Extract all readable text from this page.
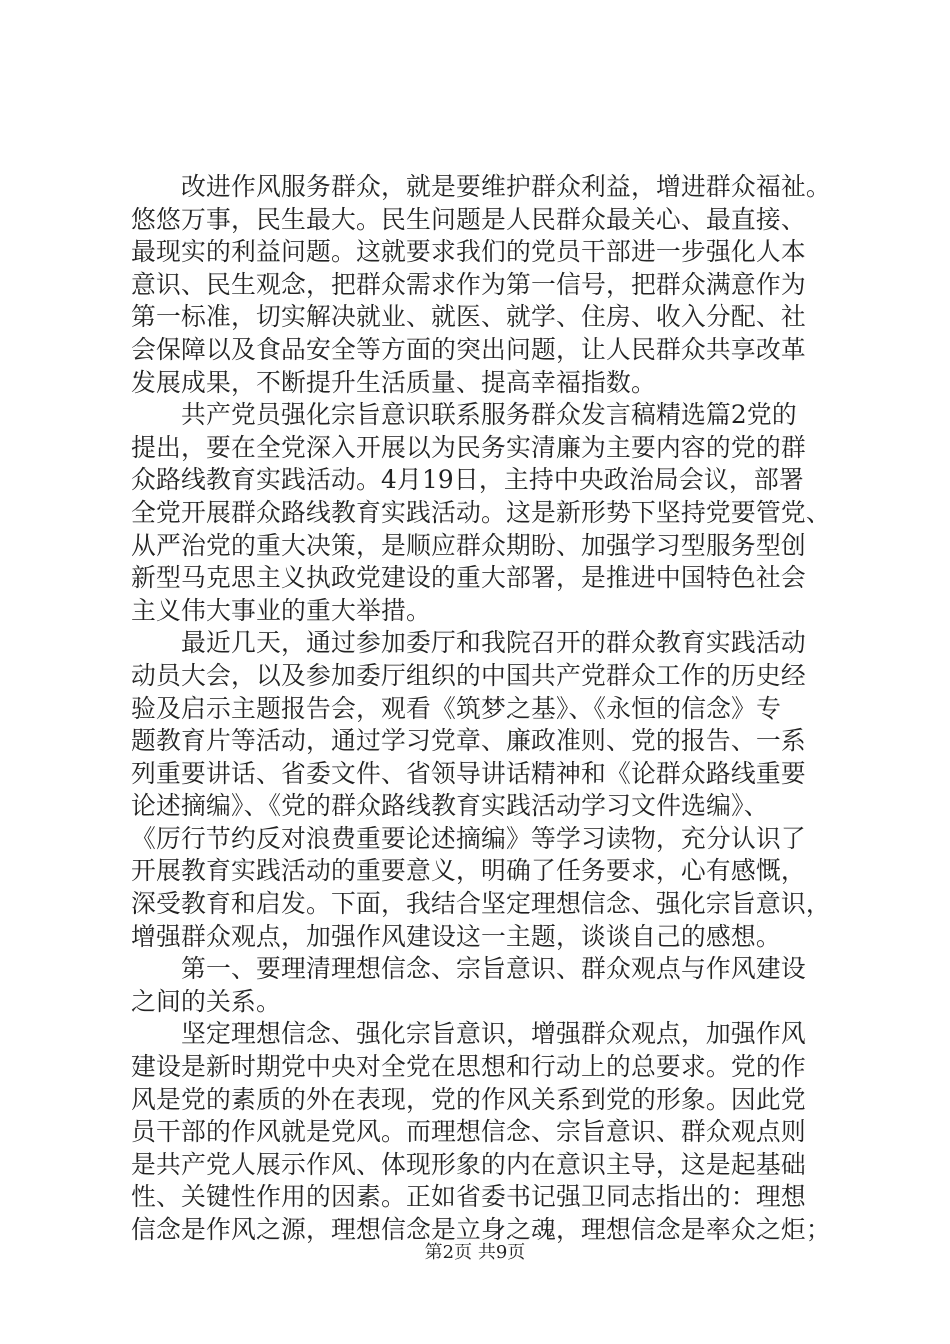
改进作风服务群众，就是要维护群众利益，增进群众福祉。
悠悠万事，民生最大。民生问题是人民群众最关心、最直接、
最现实的利益问题。这就要求我们的党员干部进一步强化人本
意识、民生观念，把群众需求作为第一信号，把群众满意作为
第一标准，切实解决就业、就医、就学、住房、收入分配、社
会保障以及食品安全等方面的突出问题，让人民群众共享改革
发展成果，不断提升生活质量、提高幸福指数。
共产党员强化宗旨意识联系服务群众发言稿精选篇2党的
提出，要在全党深入开展以为民务实清廉为主要内容的党的群
众路线教育实践活动。4月19日，主持中央政治局会议，部署
全党开展群众路线教育实践活动。这是新形势下坚持党要管党、
从严治党的重大决策，是顺应群众期盼、加强学习型服务型创
新型马克思主义执政党建设的重大部署，是推进中国特色社会
主义伟大事业的重大举措。
最近几天，通过参加委厅和我院召开的群众教育实践活动
动员大会，以及参加委厅组织的中国共产党群众工作的历史经
验及启示主题报告会，观看《筑梦之基》、《永恒的信念》专
题教育片等活动，通过学习党章、廉政准则、党的报告、一系
列重要讲话、省委文件、省领导讲话精神和《论群众路线重要
论述摘编》、《党的群众路线教育实践活动学习文件选编》、
《厉行节约反对浪费重要论述摘编》等学习读物，充分认识了
开展教育实践活动的重要意义，明确了任务要求，心有感慨，
深受教育和启发。下面，我结合坚定理想信念、强化宗旨意识，
增强群众观点，加强作风建设这一主题，谈谈自己的感想。
第一、要理清理想信念、宗旨意识、群众观点与作风建设
之间的关系。
坚定理想信念、强化宗旨意识，增强群众观点，加强作风
建设是新时期党中央对全党在思想和行动上的总要求。党的作
风是党的素质的外在表现，党的作风关系到党的形象。因此党
员干部的作风就是党风。而理想信念、宗旨意识、群众观点则
是共产党人展示作风、体现形象的内在意识主导，这是起基础
性、关键性作用的因素。正如省委书记强卫同志指出的：理想
信念是作风之源，理想信念是立身之魂，理想信念是率众之炬；
第2页 共9页
